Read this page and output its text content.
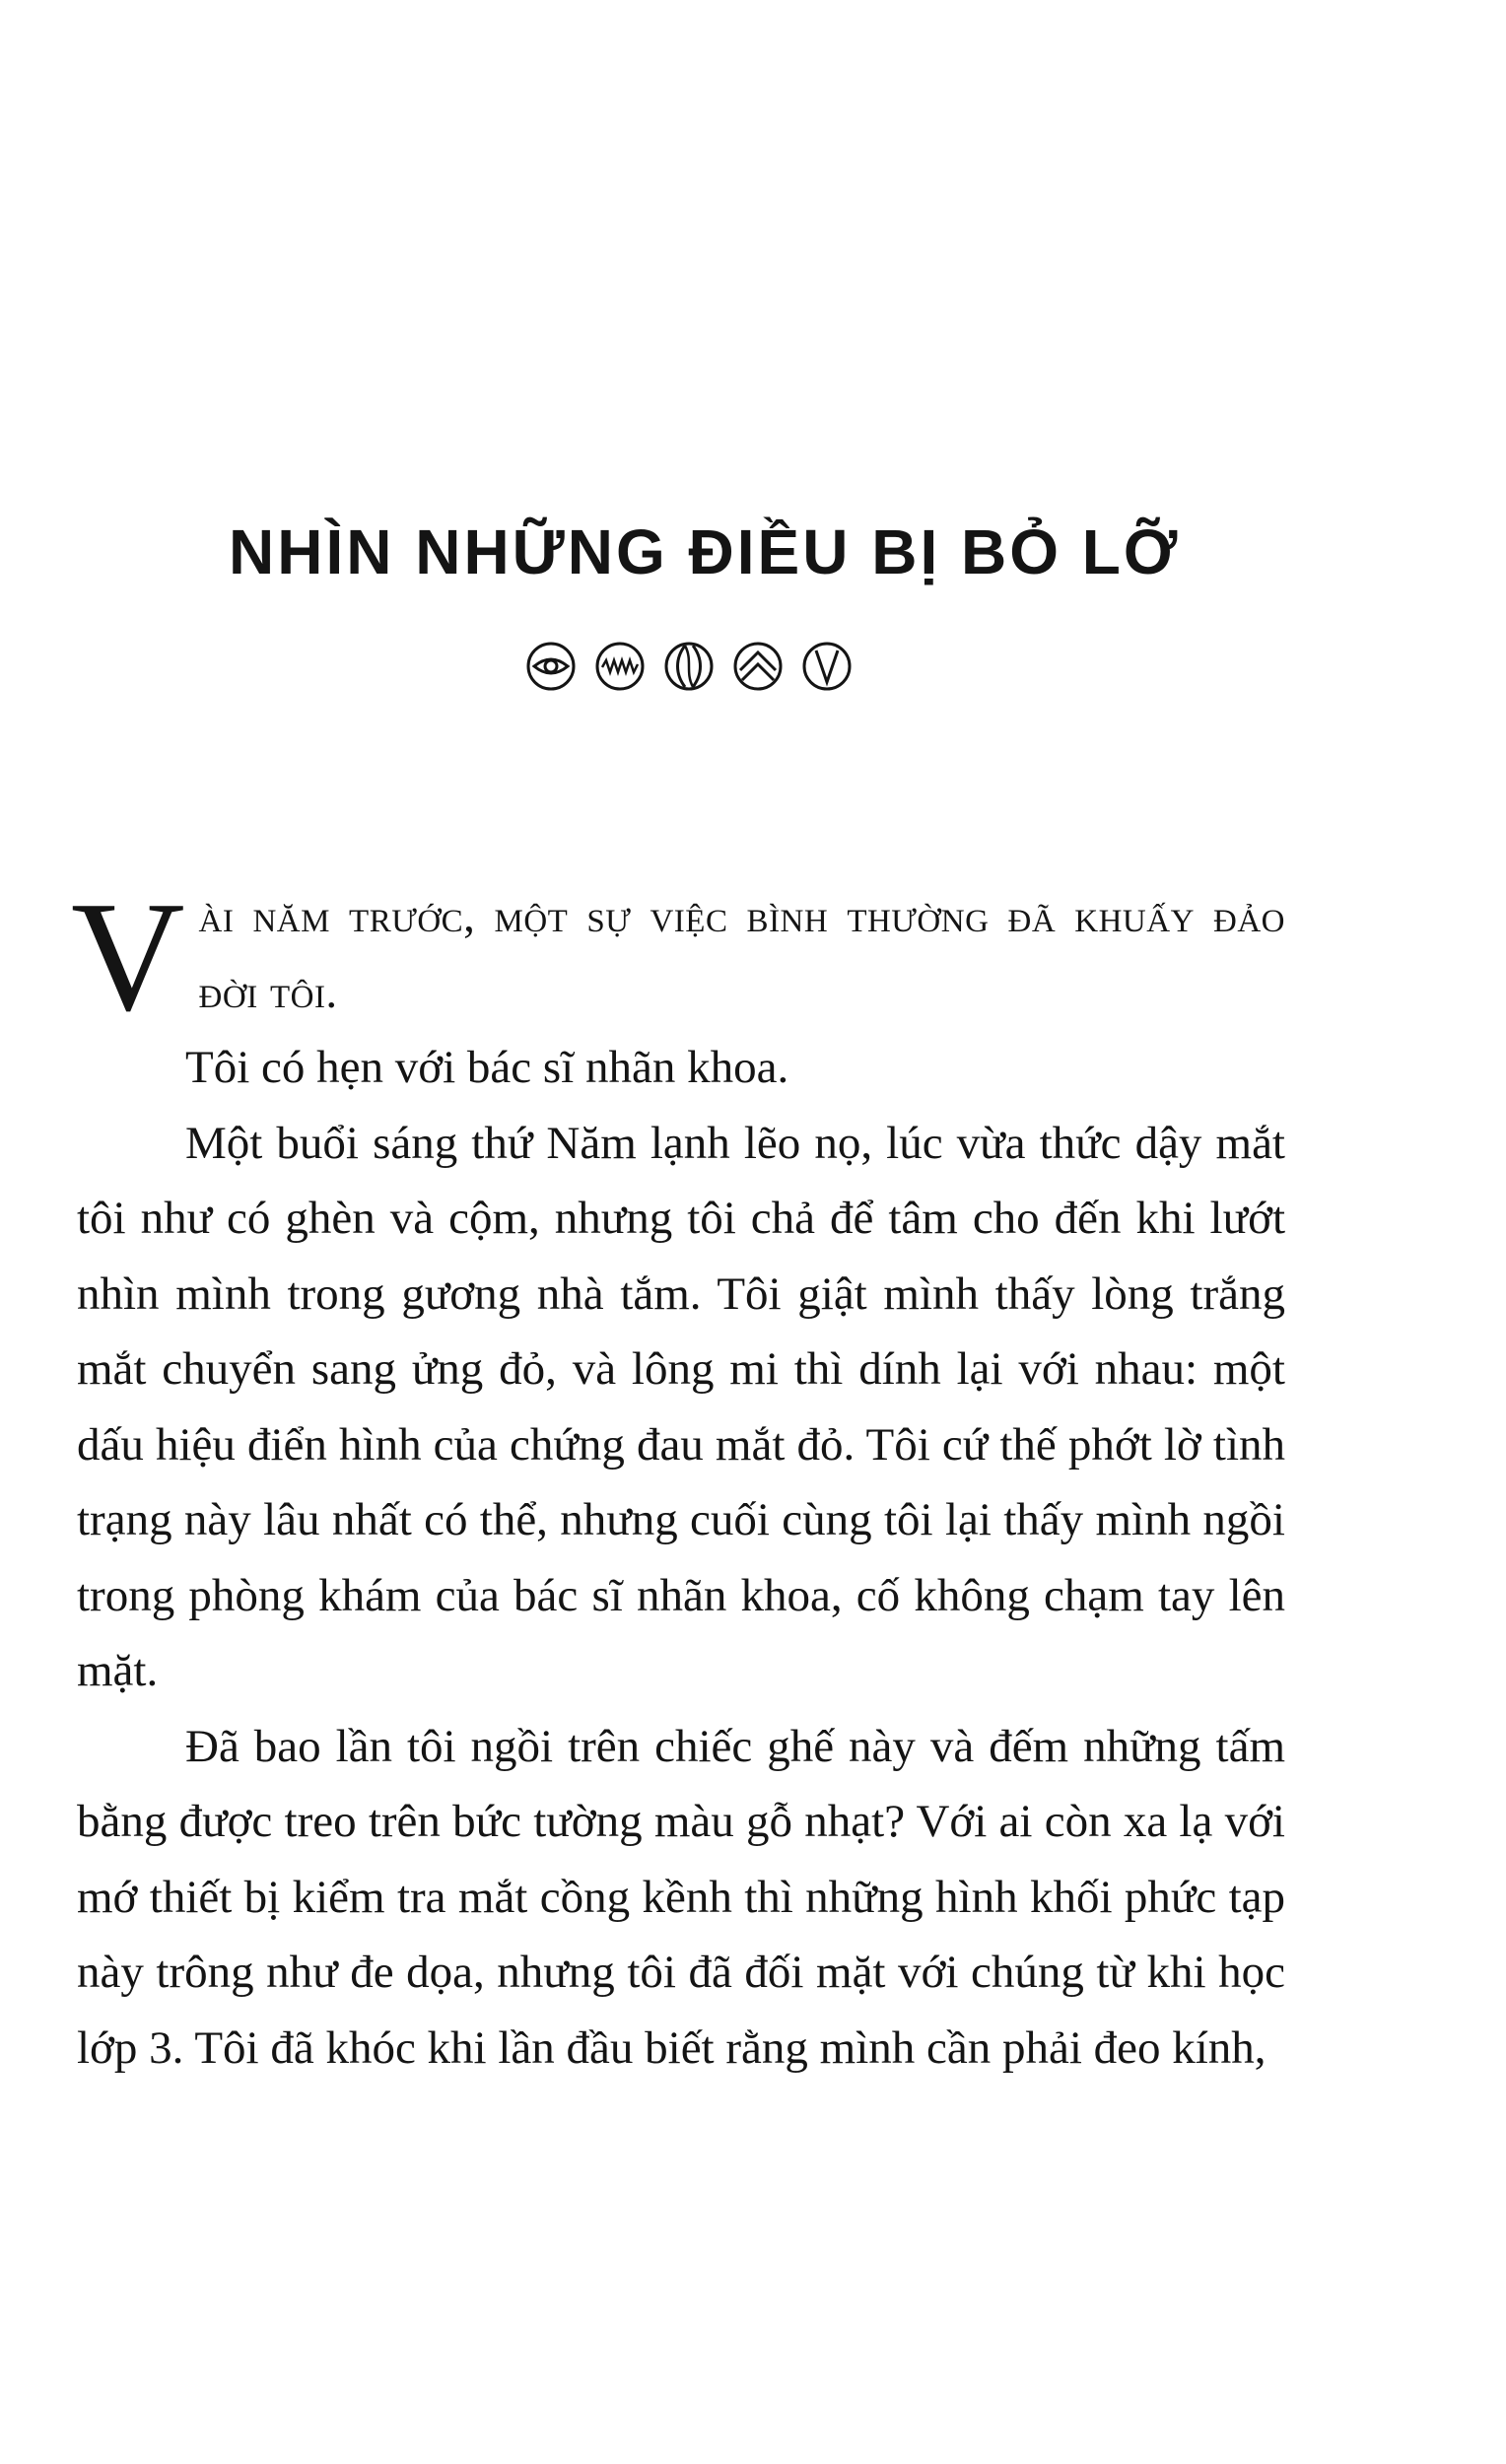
NHÌN NHỮNG ĐIỀU BỊ BỎ LỠ

V ài năm trước, một sự việc bình thường đã khuấy đảo đời tôi.

Tôi có hẹn với bác sĩ nhãn khoa.

Một buổi sáng thứ Năm lạnh lẽo nọ, lúc vừa thức dậy mắt tôi như có ghèn và cộm, nhưng tôi chả để tâm cho đến khi lướt nhìn mình trong gương nhà tắm. Tôi giật mình thấy lòng trắng mắt chuyển sang ửng đỏ, và lông mi thì dính lại với nhau: một dấu hiệu điển hình của chứng đau mắt đỏ. Tôi cứ thế phớt lờ tình trạng này lâu nhất có thể, nhưng cuối cùng tôi lại thấy mình ngồi trong phòng khám của bác sĩ nhãn khoa, cố không chạm tay lên mặt.

Đã bao lần tôi ngồi trên chiếc ghế này và đếm những tấm bằng được treo trên bức tường màu gỗ nhạt? Với ai còn xa lạ với mớ thiết bị kiểm tra mắt cồng kềnh thì những hình khối phức tạp này trông như đe dọa, nhưng tôi đã đối mặt với chúng từ khi học lớp 3. Tôi đã khóc khi lần đầu biết rằng mình cần phải đeo kính,
